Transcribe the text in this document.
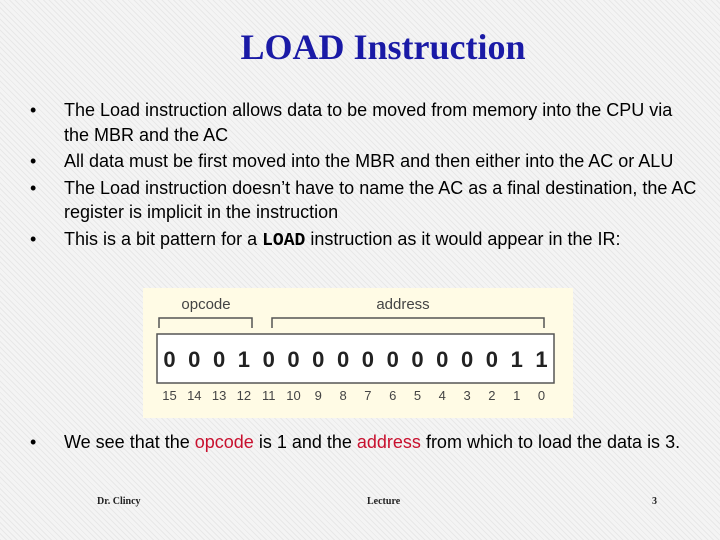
LOAD Instruction
• The Load instruction allows data to be moved from memory into the CPU via the MBR and the AC
• All data must be first moved into the MBR and then either into the AC or ALU
• The Load instruction doesn’t have to name the AC as a final destination, the AC register is implicit in the instruction
• This is a bit pattern for a LOAD instruction as it would appear in the IR:
opcode	address
0 0 0 1 0 0 0 0 0 0 0 0 0 0 1 1
15 14 13 12 11 10 9 8 7 6 5 4 3 2 1 0
• We see that the opcode is 1 and the address from which to load the data is 3.
Dr. Clincy	Lecture	3
